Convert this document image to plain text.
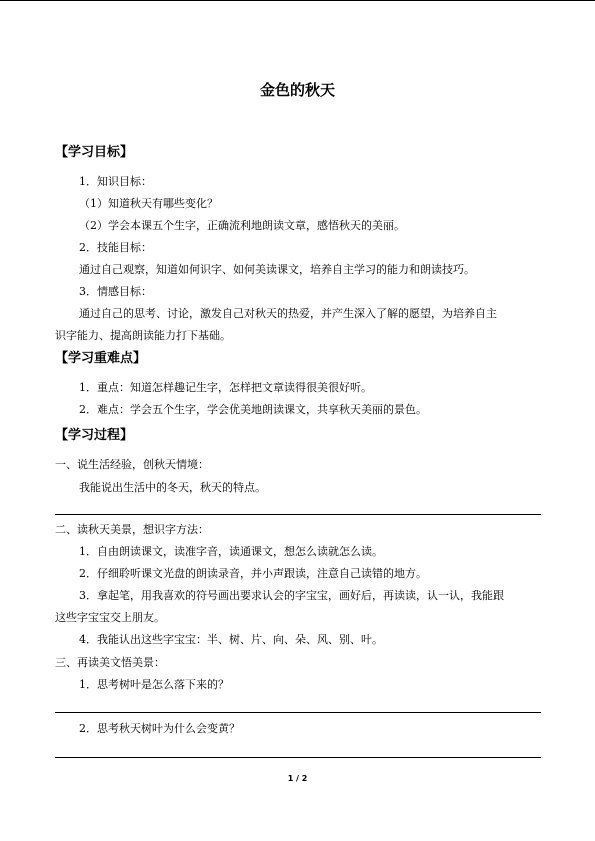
金色的秋天
【学习目标】
1．知识目标：
（1）知道秋天有哪些变化？
（2）学会本课五个生字，正确流利地朗读文章，感悟秋天的美丽。
2．技能目标：
通过自己观察，知道如何识字、如何美读课文，培养自主学习的能力和朗读技巧。
3．情感目标：
通过自己的思考、讨论，激发自己对秋天的热爱，并产生深入了解的愿望，为培养自主
识字能力、提高朗读能力打下基础。
【学习重难点】
1．重点：知道怎样趣记生字，怎样把文章读得很美很好听。
2．难点：学会五个生字，学会优美地朗读课文，共享秋天美丽的景色。
【学习过程】
一、说生活经验，创秋天情境：
我能说出生活中的冬天，秋天的特点。
二、读秋天美景，想识字方法：
1．自由朗读课文，读准字音，读通课文，想怎么读就怎么读。
2．仔细聆听课文光盘的朗读录音，并小声跟读，注意自己读错的地方。
3．拿起笔，用我喜欢的符号画出要求认会的字宝宝，画好后，再读读，认一认，我能跟
这些字宝宝交上朋友。
4．我能认出这些字宝宝：半、树、片、向、朵、风、别、叶。
三、再读美文悟美景：
1．思考树叶是怎么落下来的？
2．思考秋天树叶为什么会变黄？
1 / 2
